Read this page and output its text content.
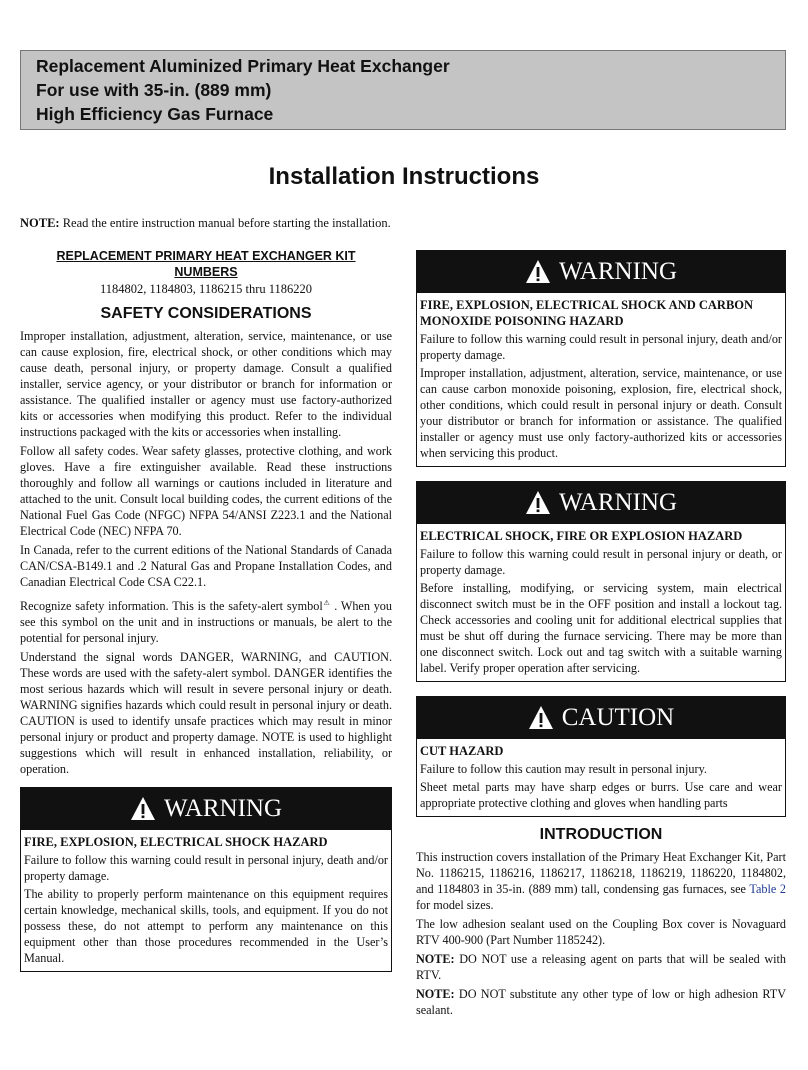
Replacement Aluminized Primary Heat Exchanger
For use with 35-in. (889 mm)
High Efficiency Gas Furnace
Installation Instructions

NOTE: Read the entire instruction manual before starting the installation.

REPLACEMENT PRIMARY HEAT EXCHANGER KIT NUMBERS

1184802, 1184803, 1186215 thru 1186220

SAFETY CONSIDERATIONS

Improper installation, adjustment, alteration, service, maintenance, or use can cause explosion, fire, electrical shock, or other conditions which may cause death, personal injury, or property damage. Consult a qualified installer, service agency, or your distributor or branch for information or assistance. The qualified installer or agency must use factory-authorized kits or accessories when modifying this product. Refer to the individual instructions packaged with the kits or accessories when installing.

Follow all safety codes. Wear safety glasses, protective clothing, and work gloves. Have a fire extinguisher available. Read these instructions thoroughly and follow all warnings or cautions included in literature and attached to the unit. Consult local building codes, the current editions of the National Fuel Gas Code (NFGC) NFPA 54/ANSI Z223.1 and the National Electrical Code (NEC) NFPA 70.

In Canada, refer to the current editions of the National Standards of Canada CAN/CSA-B149.1 and .2 Natural Gas and Propane Installation Codes, and Canadian Electrical Code CSA C22.1.

Recognize safety information. This is the safety-alert symbol⚠ . When you see this symbol on the unit and in instructions or manuals, be alert to the potential for personal injury.

Understand the signal words DANGER, WARNING, and CAUTION. These words are used with the safety-alert symbol. DANGER identifies the most serious hazards which will result in severe personal injury or death. WARNING signifies hazards which could result in personal injury or death. CAUTION is used to identify unsafe practices which may result in minor personal injury or product and property damage. NOTE is used to highlight suggestions which will result in enhanced installation, reliability, or operation.

WARNING

FIRE, EXPLOSION, ELECTRICAL SHOCK HAZARD

Failure to follow this warning could result in personal injury, death and/or property damage.

The ability to properly perform maintenance on this equipment requires certain knowledge, mechanical skills, tools, and equipment. If you do not possess these, do not attempt to perform any maintenance on this equipment other than those procedures recommended in the User’s Manual.

WARNING

FIRE, EXPLOSION, ELECTRICAL SHOCK AND CARBON MONOXIDE POISONING HAZARD

Failure to follow this warning could result in personal injury, death and/or property damage.

Improper installation, adjustment, alteration, service, maintenance, or use can cause carbon monoxide poisoning, explosion, fire, electrical shock, other conditions, which could result in personal injury or death. Consult your distributor or branch for information or assistance. The qualified installer or agency must use only factory-authorized kits or accessories when servicing this product.

WARNING

ELECTRICAL SHOCK, FIRE OR EXPLOSION HAZARD

Failure to follow this warning could result in personal injury or death, or property damage.

Before installing, modifying, or servicing system, main electrical disconnect switch must be in the OFF position and install a lockout tag. Check accessories and cooling unit for additional electrical supplies that must be shut off during the furnace servicing. There may be more than one disconnect switch. Lock out and tag switch with a suitable warning label. Verify proper operation after servicing.

CAUTION

CUT HAZARD

Failure to follow this caution may result in personal injury.

Sheet metal parts may have sharp edges or burrs. Use care and wear appropriate protective clothing and gloves when handling parts

INTRODUCTION

This instruction covers installation of the Primary Heat Exchanger Kit, Part No. 1186215, 1186216, 1186217, 1186218, 1186219, 1186220, 1184802, and 1184803 in 35-in. (889 mm) tall, condensing gas furnaces, see Table 2 for model sizes.

The low adhesion sealant used on the Coupling Box cover is Novaguard RTV 400-900 (Part Number 1185242).

NOTE: DO NOT use a releasing agent on parts that will be sealed with RTV.

NOTE: DO NOT substitute any other type of low or high adhesion RTV sealant.
